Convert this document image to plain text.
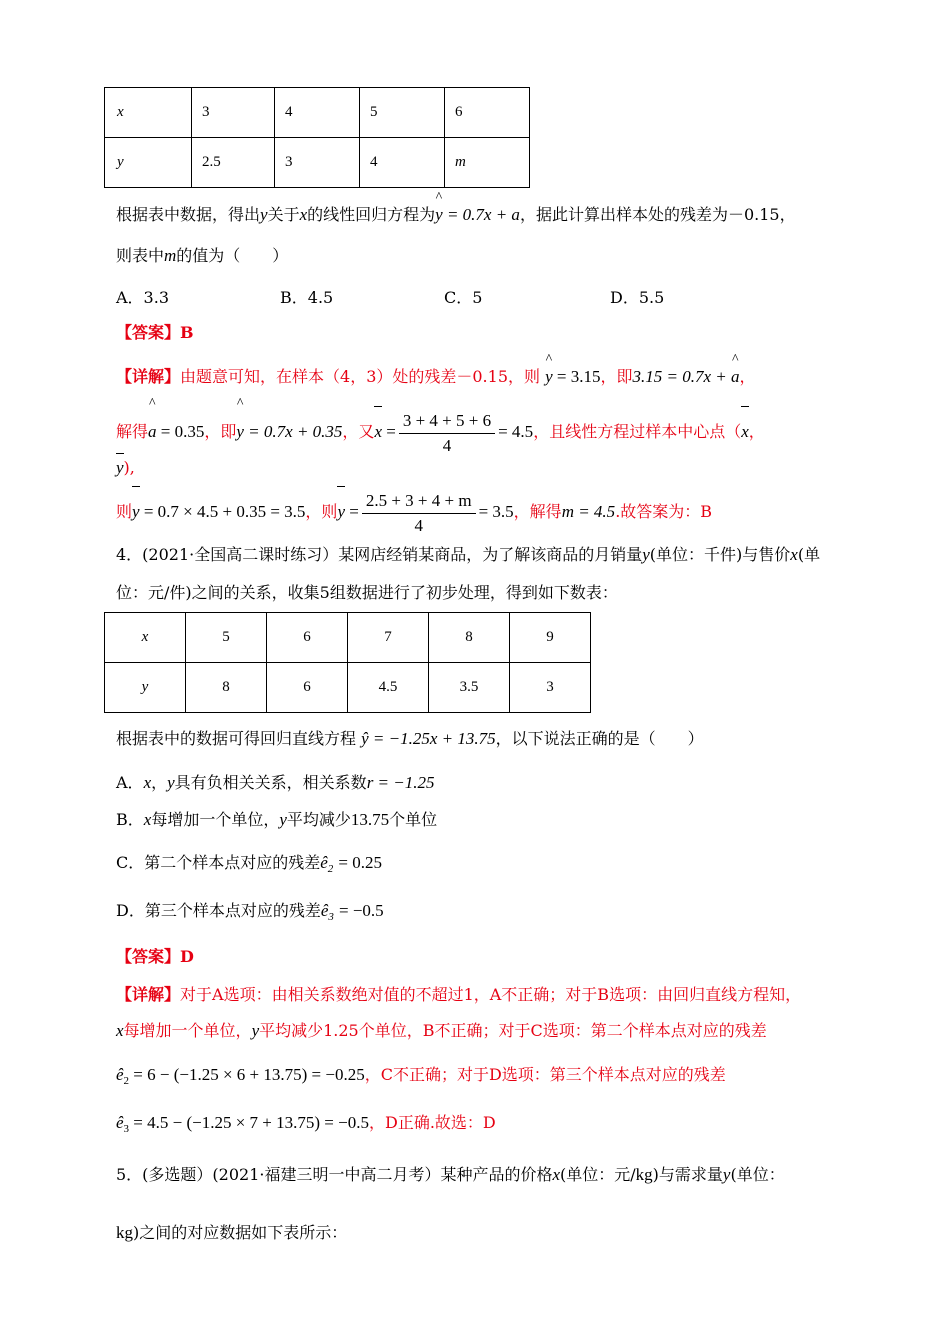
x	3	4	5	6
y	2.5	3	4	m
根据表中数据，得出y关于x的线性回归方程为
^
y = 0.7x + a，据此计算出样本处的残差为－0.15，
则表中m的值为（　　）
A．3.3	B．4.5	C．5	D．5.5
【答案】B
【详解】由题意可知，在样本（4，3）处的残差－0.15，则
^
y = 3.15，即3.15 = 0.7x +
^
a，
解得
^
a = 0.35，即
^
y = 0.7x + 0.35，又
$x = \frac{3 + 4 + 5 + 6}{4} = 4.5$，且线性方程过样本中心点（
x，
y),
则
y = 0.7 × 4.5 + 0.35 = 3.5，则
$y = \frac{2.5 + 3 + 4 + m}{4} = 3.5$，解得m = 4.5.故答案为：B
4．(2021·全国高二课时练习）某网店经销某商品，为了解该商品的月销量y(单位：千件)与售价x(单
位：元/件)之间的关系，收集5组数据进行了初步处理，得到如下数表：
x	5	6	7	8	9
y	8	6	4.5	3.5	3
根据表中的数据可得回归直线方程 ŷ = −1.25x + 13.75，以下说法正确的是（　　）
A．x，y具有负相关关系，相关系数r = −1.25
B．x每增加一个单位，y平均减少13.75个单位
C．第二个样本点对应的残差$ê_2 = 0.25$
D．第三个样本点对应的残差$ê_3 = -0.5$
【答案】D
【详解】对于A选项：由相关系数绝对值的不超过1，A不正确；对于B选项：由回归直线方程知，
x每增加一个单位，y平均减少1.25个单位，B不正确；对于C选项：第二个样本点对应的残差
$ê_2 = 6 - (-1.25 \times 6 + 13.75) = -0.25$，C不正确；对于D选项：第三个样本点对应的残差
$ê_3 = 4.5 - (-1.25 \times 7 + 13.75) = -0.5$，D正确.故选：D
5．(多选题）(2021·福建三明一中高二月考）某种产品的价格x(单位：元/kg)与需求量y(单位：
kg)之间的对应数据如下表所示：
